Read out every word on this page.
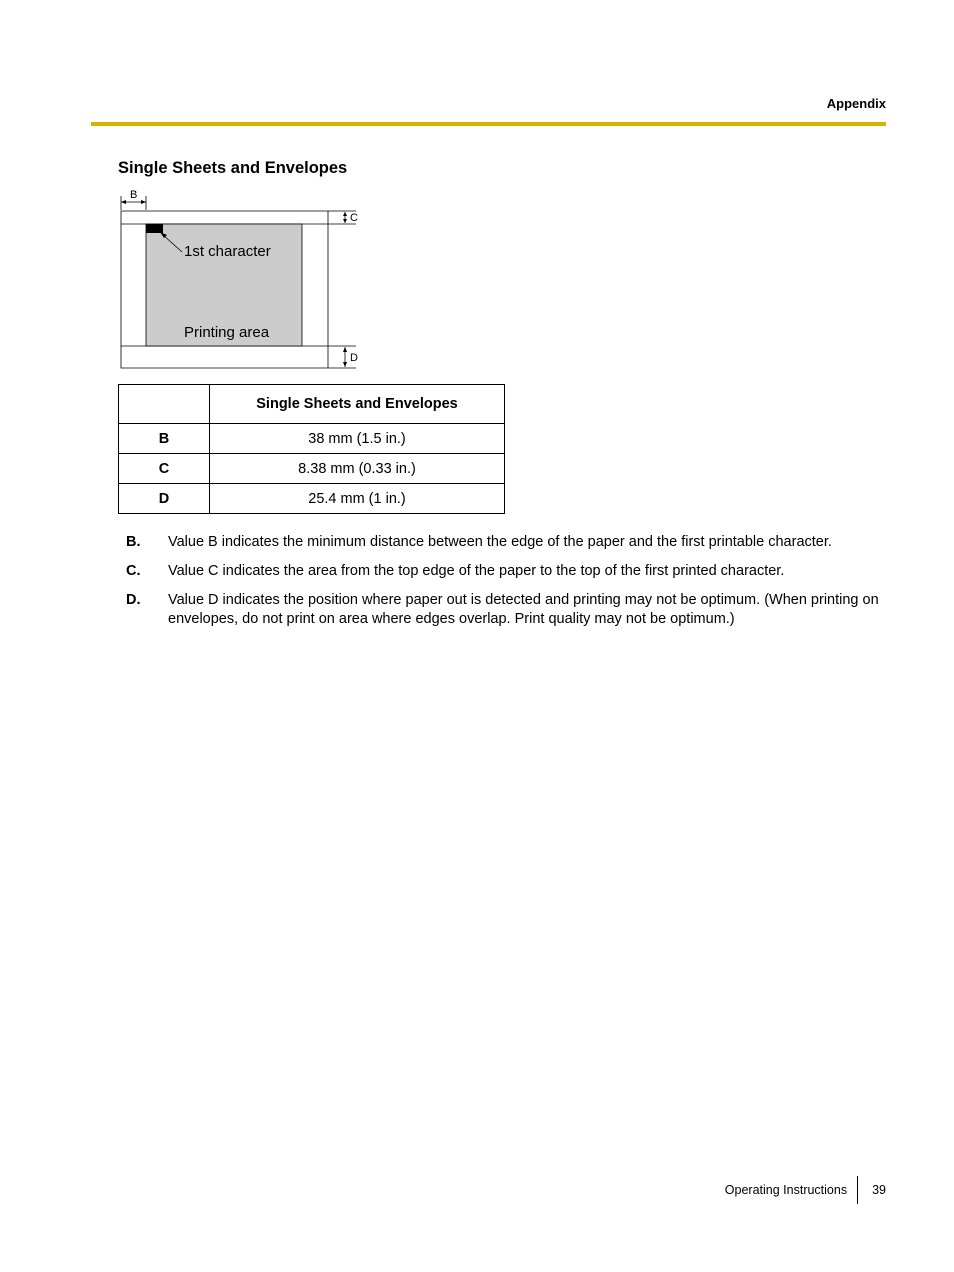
Appendix
Single Sheets and Envelopes
B
1st character
Printing area
C
D
	Single Sheets and Envelopes
B	38 mm (1.5 in.)
C	8.38 mm (0.33 in.)
D	25.4 mm (1 in.)
B. Value B indicates the minimum distance between the edge of the paper and the first printable character.
C. Value C indicates the area from the top edge of the paper to the top of the first printed character.
D. Value D indicates the position where paper out is detected and printing may not be optimum. (When printing on envelopes, do not print on area where edges overlap. Print quality may not be optimum.)
Operating Instructions 39
